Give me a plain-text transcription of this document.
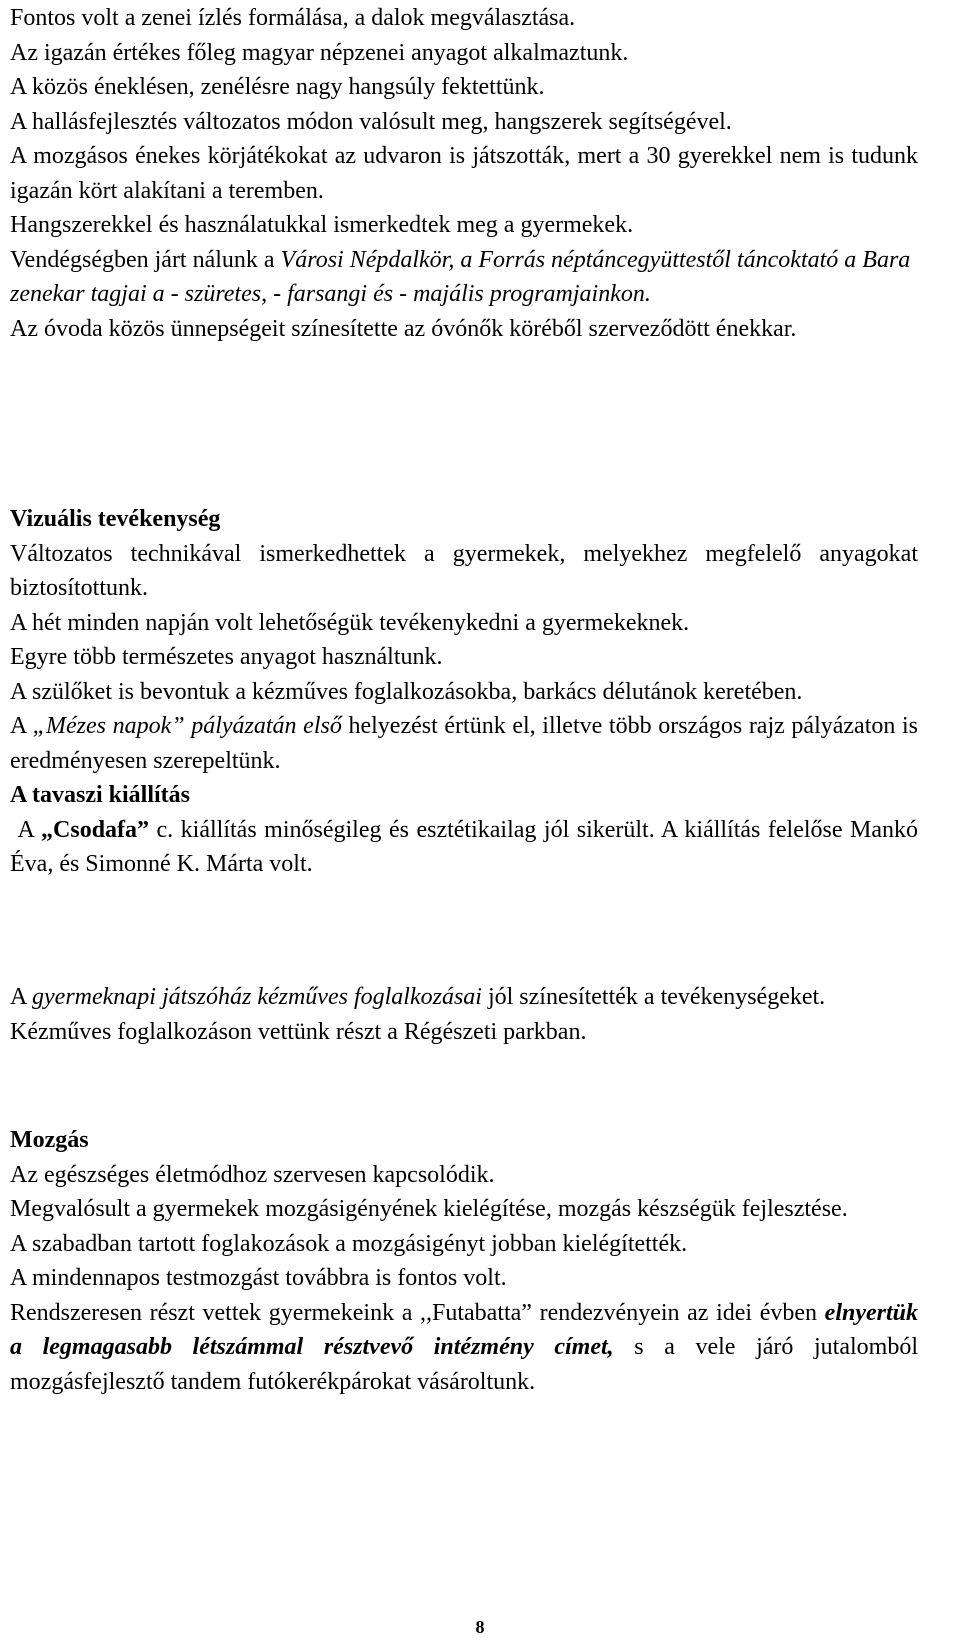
Fontos volt a zenei ízlés formálása, a dalok megválasztása.

Az igazán értékes főleg magyar népzenei anyagot alkalmaztunk.

A közös éneklésen, zenélésre nagy hangsúly fektettünk.

A hallásfejlesztés változatos módon valósult meg, hangszerek segítségével.

A mozgásos énekes körjátékokat az udvaron is játszották, mert a 30 gyerekkel nem is tudunk igazán kört alakítani a teremben.

Hangszerekkel és használatukkal ismerkedtek meg a gyermekek.

Vendégségben járt nálunk a Városi Népdalkör, a Forrás néptáncegyüttestől táncoktató a Bara zenekar tagjai a - szüretes, - farsangi és - majális programjainkon.

Az óvoda közös ünnepségeit színesítette az óvónők köréből szerveződött énekkar.

Vizuális tevékenység

Változatos technikával ismerkedhettek a gyermekek, melyekhez megfelelő anyagokat biztosítottunk.

A hét minden napján volt lehetőségük tevékenykedni a gyermekeknek.

Egyre több természetes anyagot használtunk.

A szülőket is bevontuk a kézműves foglalkozásokba, barkács délutánok keretében.

A „Mézes napok” pályázatán első helyezést értünk el, illetve több országos rajz pályázaton is eredményesen szerepeltünk.

A tavaszi kiállítás

A „Csodafa” c. kiállítás minőségileg és esztétikailag jól sikerült. A kiállítás felelőse Mankó Éva, és Simonné K. Márta volt.

A gyermeknapi játszóház kézműves foglalkozásai jól színesítették a tevékenységeket.

Kézműves foglalkozáson vettünk részt a Régészeti parkban.

Mozgás

Az egészséges életmódhoz szervesen kapcsolódik.

Megvalósult a gyermekek mozgásigényének kielégítése, mozgás készségük fejlesztése.

A szabadban tartott foglakozások a mozgásigényt jobban kielégítették.

A mindennapos testmozgást továbbra is fontos volt.

Rendszeresen részt vettek gyermekeink a ,,Futabatta” rendezvényein az idei évben elnyertük a legmagasabb létszámmal résztvevő intézmény címet, s a vele járó jutalomból mozgásfejlesztő tandem futókerékpárokat vásároltunk.

8
